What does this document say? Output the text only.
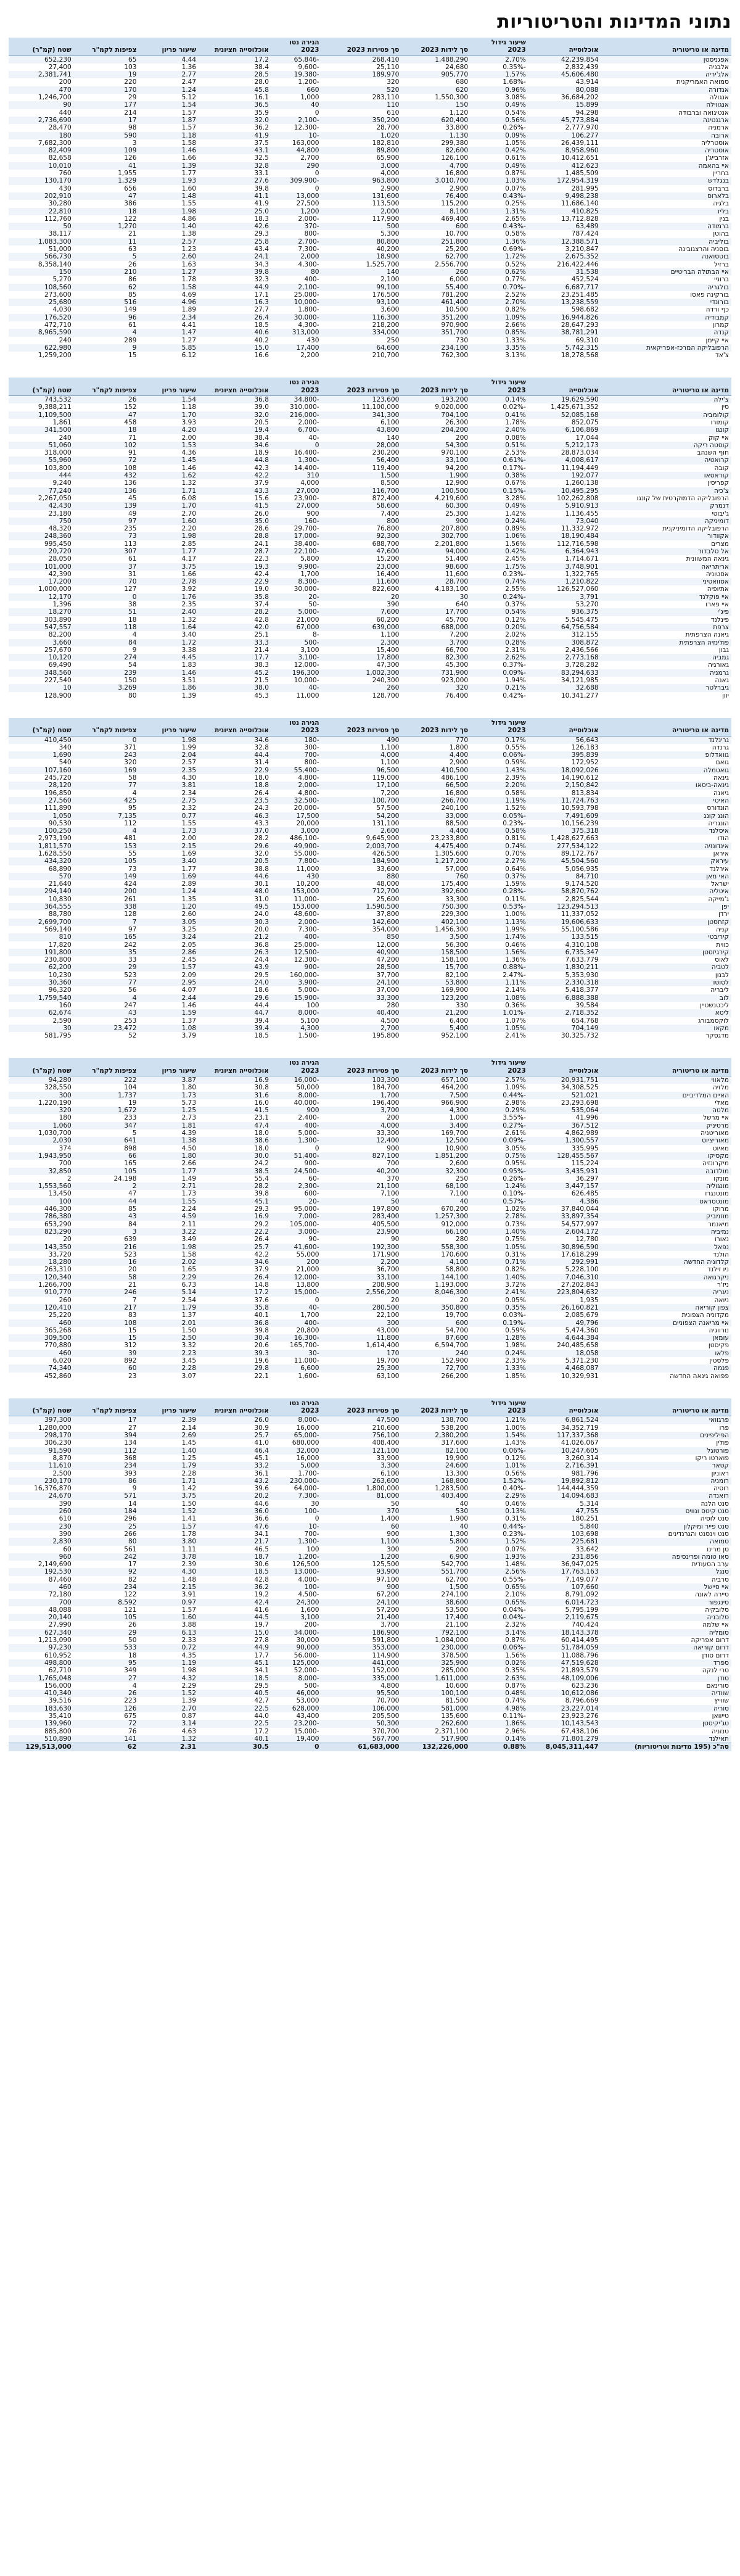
נתוני המדינות והטריטוריות
מדינה או טריטוריה	אוכלוסייה	שיעור גידול 2023	סך לידות 2023	סך פטירות 2023	הגירה נטו 2023	אוכלוסייה חציונית	שיעור פריון	צפיפות לקמ"ר	שטח (קמ"ר)
אפגניסטן	42,239,854	2.70%	1,488,290	268,410	-65,846	17.2	4.44	65	652,230
אלבניה	2,832,439	-0.35%	24,680	25,110	-9,600	38.4	1.36	103	27,400
אלג'יריה	45,606,480	1.57%	905,770	189,970	-19,380	28.5	2.77	19	2,381,741
סמואה האמריקנית	43,914	-1.68%	680	320	-1,200	28.0	2.47	220	200
אנדורה	80,088	0.96%	620	520	660	45.8	1.24	170	470
אנגולה	36,684,202	3.08%	1,550,300	283,110	1,000	16.1	5.12	29	1,246,700
אנגווילה	15,899	0.49%	150	110	40	36.5	1.54	177	90
אנטיגואה וברבודה	94,298	0.54%	1,120	610	0	35.9	1.57	214	440
ארגנטינה	45,773,884	0.56%	620,400	350,200	-2,100	32.0	1.87	17	2,736,690
ארמניה	2,777,970	-0.26%	33,800	28,700	-12,300	36.2	1.57	98	28,470
ארובה	106,277	0.09%	1,130	1,020	-10	41.9	1.18	590	180
אוסטרליה	26,439,111	1.05%	299,380	182,810	163,000	37.5	1.58	3	7,682,300
אוסטריה	8,958,960	0.42%	82,600	89,800	44,800	43.1	1.46	109	82,409
אזרבייג'ן	10,412,651	0.61%	126,100	65,900	2,700	32.5	1.66	126	82,658
איי בהאמה	412,623	0.49%	4,700	3,000	290	32.8	1.39	41	10,010
בחריין	1,485,509	0.87%	16,800	4,000	0	33.1	1.77	1,955	760
בנגלדש	172,954,319	1.03%	3,010,700	963,800	-309,900	27.6	1.93	1,329	130,170
ברבדוס	281,995	0.07%	2,900	2,900	0	39.8	1.60	656	430
בלארוס	9,498,238	-0.43%	76,400	131,600	13,000	41.1	1.48	47	202,910
בלגיה	11,686,140	0.25%	115,200	113,500	27,500	41.9	1.55	386	30,280
בליז	410,825	1.31%	8,100	2,000	1,200	25.0	1.98	18	22,810
בנין	13,712,828	2.65%	469,400	117,900	-2,000	18.3	4.86	122	112,760
ברמודה	63,489	-0.43%	600	500	-370	42.6	1.40	1,270	50
בהוטן	787,424	0.58%	10,700	5,300	-800	29.3	1.38	21	38,117
בוליביה	12,388,571	1.36%	251,800	80,800	-2,700	25.8	2.57	11	1,083,300
בוסניה והרצגובינה	3,210,847	-0.69%	25,200	40,200	-7,300	43.4	1.23	63	51,000
בוטסואנה	2,675,352	1.72%	62,700	18,900	2,000	24.1	2.60	5	566,730
ברזיל	216,422,446	0.52%	2,556,700	1,525,700	-4,300	34.3	1.63	26	8,358,140
איי הבתולה הבריטיים	31,538	0.62%	260	140	80	39.8	1.27	210	150
ברוניי	452,524	0.77%	6,000	2,100	-400	32.3	1.78	86	5,270
בולגריה	6,687,717	-0.70%	55,400	99,100	-2,100	44.9	1.58	62	108,560
בורקינה פאסו	23,251,485	2.52%	781,200	176,500	-25,000	17.1	4.69	85	273,600
בורונדי	13,238,559	2.70%	461,400	93,100	-10,000	16.3	4.96	516	25,680
כף ורדה	598,682	0.82%	10,500	3,600	-1,800	27.7	1.89	149	4,030
קמבודיה	16,944,826	1.09%	351,200	116,300	-30,000	26.4	2.34	96	176,520
קמרון	28,647,293	2.66%	970,900	218,200	-4,300	18.5	4.41	61	472,710
קנדה	38,781,291	0.85%	351,700	334,000	313,000	40.6	1.47	4	8,965,590
איי קיימן	69,310	1.33%	730	250	430	40.2	1.27	289	240
הרפובליקה המרכז-אפריקאית	5,742,315	3.35%	234,100	64,600	17,400	15.0	5.85	9	622,980
צ'אד	18,278,568	3.13%	762,300	210,700	2,200	16.6	6.12	15	1,259,200
מדינה או טריטוריה	אוכלוסייה	שיעור גידול 2023	סך לידות 2023	סך פטירות 2023	הגירה נטו 2023	אוכלוסייה חציונית	שיעור פריון	צפיפות לקמ"ר	שטח (קמ"ר)
צ'ילה	19,629,590	0.14%	193,200	123,600	-34,800	36.8	1.54	26	743,532
סין	1,425,671,352	-0.02%	9,020,000	11,100,000	-310,000	39.0	1.18	152	9,388,211
קולומביה	52,085,168	0.41%	704,100	341,300	-216,000	32.0	1.70	47	1,109,500
קומורו	852,075	1.78%	26,300	6,100	-2,000	20.5	3.93	458	1,861
קונגו	6,106,869	2.40%	204,200	43,800	-6,700	19.4	4.20	18	341,500
איי קוק	17,044	0.08%	200	140	-40	38.4	2.00	71	240
קוסטה ריקה	5,212,173	0.51%	54,300	28,000	0	34.6	1.53	102	51,060
חוף השנהב	28,873,034	2.53%	970,100	230,200	-16,400	18.9	4.36	91	318,000
קרואטיה	4,008,617	-0.61%	33,100	56,400	-1,300	44.8	1.45	72	55,960
קובה	11,194,449	-0.17%	94,200	119,400	-14,400	42.3	1.46	108	103,800
קוראסאו	192,077	0.38%	1,900	1,500	310	42.2	1.62	432	444
קפריסין	1,260,138	0.67%	12,900	8,500	4,000	37.9	1.32	136	9,240
צ'כיה	10,495,295	-0.15%	100,500	116,700	27,000	43.3	1.71	136	77,240
הרפובליקה הדמוקרטית של קונגו	102,262,808	3.28%	4,219,600	872,400	-23,900	15.6	6.08	45	2,267,050
דנמרק	5,910,913	0.49%	60,300	58,600	27,000	41.5	1.70	139	42,430
ג'יבוטי	1,136,455	1.42%	25,300	7,400	900	26.0	2.70	49	23,180
דומיניקה	73,040	0.24%	900	800	-160	35.0	1.60	97	750
הרפובליקה הדומיניקנית	11,332,972	0.89%	207,800	76,800	-29,700	28.6	2.20	235	48,320
אקוודור	18,190,484	1.06%	302,700	92,300	-17,000	28.8	1.98	73	248,360
מצרים	112,716,598	1.56%	2,201,800	688,700	-38,400	24.1	2.85	113	995,450
אל סלבדור	6,364,943	0.42%	94,000	47,600	-22,100	28.7	1.77	307	20,720
גינאה המשוונית	1,714,671	2.45%	51,400	15,200	5,800	22.3	4.17	61	28,050
אריתריאה	3,748,901	1.75%	98,600	23,000	-9,900	19.3	3.75	37	101,000
אסטוניה	1,322,765	-0.23%	11,600	16,400	1,700	42.4	1.66	31	42,390
אסוואטיני	1,210,822	0.74%	28,700	11,600	-8,300	22.9	2.78	70	17,200
אתיופיה	126,527,060	2.55%	4,183,100	822,600	-30,000	19.0	3.92	127	1,000,000
איי פוקלנד	3,791	-0.24%	30	20	-20	35.8	1.76	0	12,170
איי פארו	53,270	0.37%	640	390	-50	37.4	2.35	38	1,396
פיג'י	936,375	0.54%	17,700	7,600	-5,000	28.2	2.40	51	18,270
פינלנד	5,545,475	0.12%	45,700	60,200	21,000	42.8	1.32	18	303,890
צרפת	64,756,584	0.20%	688,000	639,000	67,000	42.0	1.64	118	547,557
גיאנה הצרפתית	312,155	2.02%	7,200	1,100	-8	25.1	3.40	4	82,200
פולינזיה הצרפתית	308,872	0.28%	3,700	2,300	-500	33.3	1.72	84	3,660
גבון	2,436,566	2.31%	66,700	15,400	3,100	21.4	3.38	9	257,670
גמביה	2,773,168	2.62%	82,300	17,800	-3,100	17.7	4.45	274	10,120
גאורגיה	3,728,282	-0.37%	45,300	47,300	-12,000	38.3	1.83	54	69,490
גרמניה	83,294,633	-0.09%	731,900	1,002,300	196,300	45.2	1.46	239	348,560
גאנה	34,121,985	1.94%	923,000	240,300	-10,000	21.5	3.51	150	227,540
גיברלטר	32,688	0.21%	320	260	-40	38.0	1.86	3,269	10
יוון	10,341,277	-0.42%	76,400	128,700	11,000	45.3	1.39	80	128,900
מדינה או טריטוריה	אוכלוסייה	שיעור גידול 2023	סך לידות 2023	סך פטירות 2023	הגירה נטו 2023	אוכלוסייה חציונית	שיעור פריון	צפיפות לקמ"ר	שטח (קמ"ר)
גרינלנד	56,643	0.17%	770	490	-180	34.6	1.98	0	410,450
גרנדה	126,183	0.55%	1,800	1,100	-300	32.8	1.99	371	340
גוואדלופ	395,839	-0.06%	4,400	4,000	-700	44.4	2.04	243	1,690
גואם	172,952	0.59%	2,900	1,100	-800	31.4	2.57	320	540
גואטמלה	18,092,026	1.43%	410,500	96,500	-55,400	22.9	2.35	169	107,160
גינאה	14,190,612	2.39%	486,100	119,000	-4,800	18.0	4.30	58	245,720
גינאה-ביסאו	2,150,842	2.20%	66,500	17,100	-2,000	18.8	3.81	77	28,120
גיאנה	813,834	0.58%	16,800	7,200	-4,800	26.4	2.34	4	196,850
האיטי	11,724,763	1.19%	266,700	100,700	-32,500	23.5	2.75	425	27,560
הונדורס	10,593,798	1.52%	240,100	57,500	-20,000	24.3	2.32	95	111,890
הונג קונג	7,491,609	-0.05%	33,000	54,200	17,500	46.3	0.77	7,135	1,050
הונגריה	10,156,239	-0.23%	88,500	131,100	20,000	43.3	1.55	112	90,530
איסלנד	375,318	0.58%	4,400	2,600	3,000	37.0	1.73	4	100,250
הודו	1,428,627,663	0.81%	23,233,800	9,645,900	-486,100	28.2	2.00	481	2,973,190
אינדונזיה	277,534,122	0.74%	4,475,400	2,003,700	-49,900	29.6	2.15	153	1,811,570
איראן	89,172,767	0.70%	1,305,600	426,500	-55,000	32.0	1.69	55	1,628,550
עיראק	45,504,560	2.27%	1,217,200	184,900	-7,800	20.5	3.40	105	434,320
אירלנד	5,056,935	0.64%	57,000	33,600	11,000	38.8	1.77	73	68,890
האי מאן	84,710	0.37%	760	880	430	44.6	1.69	149	570
ישראל	9,174,520	1.59%	175,400	48,000	10,200	30.1	2.89	424	21,640
איטליה	58,870,762	-0.28%	392,600	712,700	153,000	48.0	1.24	200	294,140
ג'מייקה	2,825,544	0.11%	33,300	25,600	-11,000	31.0	1.35	261	10,830
יפן	123,294,513	-0.53%	750,300	1,590,500	153,000	49.5	1.20	338	364,555
ירדן	11,337,052	1.00%	229,300	37,800	-48,600	24.0	2.60	128	88,780
קזחסטן	19,606,633	1.13%	402,100	142,600	-2,000	30.3	3.05	7	2,699,700
קניה	55,100,586	1.99%	1,456,300	354,000	-7,300	20.0	3.25	97	569,140
קיריבטי	133,515	1.74%	3,500	850	-400	21.2	3.24	165	810
כווית	4,310,108	0.46%	56,300	12,000	-25,000	36.8	2.05	242	17,820
קירגיזסטן	6,735,347	1.56%	158,500	40,900	-12,500	26.3	2.86	35	191,800
לאוס	7,633,779	1.36%	158,100	47,200	-12,300	24.4	2.45	33	230,800
לטביה	1,830,211	-0.88%	15,700	28,500	-900	43.9	1.57	29	62,200
לבנון	5,353,930	-2.47%	82,100	37,700	-160,000	29.5	2.09	523	10,230
לסוטו	2,330,318	1.11%	53,800	24,100	-3,900	24.0	2.95	77	30,360
ליבריה	5,418,377	2.14%	169,900	37,000	-5,000	18.6	4.07	56	96,320
לוב	6,888,388	1.08%	123,200	33,300	-15,900	29.6	2.44	4	1,759,540
ליכטנשטיין	39,584	0.36%	330	280	100	44.4	1.46	247	160
ליטא	2,718,352	-1.01%	21,200	40,400	-8,000	44.7	1.59	43	62,674
לוקסמבורג	654,768	1.07%	6,400	4,500	5,100	39.4	1.37	253	2,590
מקאו	704,149	1.05%	5,400	2,700	4,300	39.4	1.08	23,472	30
מדגסקר	30,325,732	2.41%	952,100	195,800	-1,500	18.5	3.79	52	581,795
מדינה או טריטוריה	אוכלוסייה	שיעור גידול 2023	סך לידות 2023	סך פטירות 2023	הגירה נטו 2023	אוכלוסייה חציונית	שיעור פריון	צפיפות לקמ"ר	שטח (קמ"ר)
מלאווי	20,931,751	2.57%	657,100	103,300	-16,000	16.9	3.87	222	94,280
מלזיה	34,308,525	1.09%	464,200	184,700	50,000	30.8	1.80	104	328,550
האיים המלדיביים	521,021	-0.44%	7,500	1,700	-8,000	31.6	1.73	1,737	300
מאלי	23,293,698	2.98%	966,900	196,400	-40,000	16.0	5.73	19	1,220,190
מלטה	535,064	0.29%	4,300	3,700	900	41.5	1.25	1,672	320
איי מרשל	41,996	-3.55%	1,000	200	-2,400	23.1	2.73	233	180
מרטיניק	367,512	-0.27%	3,400	4,000	-400	47.4	1.81	347	1,060
מאוריטניה	4,862,989	2.61%	169,700	33,300	-5,000	18.0	4.39	5	1,030,700
מאוריציוס	1,300,557	-0.09%	12,500	12,400	-1,300	38.6	1.38	641	2,030
מאיוט	335,995	3.05%	10,900	900	0	18.0	4.50	898	374
מקסיקו	128,455,567	0.75%	1,851,200	827,100	-51,400	30.0	1.80	66	1,943,950
מיקרונזיה	115,224	0.95%	2,600	700	-900	24.2	2.66	165	700
מולדובה	3,435,931	-0.95%	32,300	40,200	-24,500	38.5	1.77	105	32,850
מונקו	36,297	-0.26%	250	370	-60	55.4	1.49	24,198	2
מונגוליה	3,447,157	1.24%	68,100	21,100	-2,300	28.2	2.71	2	1,553,560
מונטנגרו	626,485	-0.10%	7,100	7,100	-600	39.8	1.73	47	13,450
מונטסראט	4,386	-0.57%	40	50	-20	45.1	1.55	44	100
מרוקו	37,840,044	1.02%	670,200	197,800	-95,000	29.3	2.24	85	446,300
מוזמביק	33,897,354	2.78%	1,257,300	283,400	-7,000	16.9	4.59	43	786,380
מיאנמר	54,577,997	0.73%	912,000	405,500	-105,000	29.2	2.11	84	653,290
נמיביה	2,604,172	1.40%	66,100	23,900	-3,000	22.2	3.22	3	823,290
נאורו	12,780	0.75%	280	90	-90	26.4	3.49	639	20
נפאל	30,896,590	1.05%	558,300	192,300	-41,600	25.7	1.98	216	143,350
הולנד	17,618,299	0.31%	170,600	171,900	55,000	42.2	1.58	523	33,720
קלדוניה החדשה	292,991	0.71%	4,100	2,200	200	34.6	2.02	16	18,280
ניו זילנד	5,228,100	0.82%	58,800	36,700	21,000	37.9	1.65	20	263,310
ניקרגואה	7,046,310	1.40%	144,100	33,100	-12,000	26.4	2.29	58	120,340
ניז'ר	27,202,843	3.72%	1,193,000	208,900	13,800	14.8	6.73	21	1,266,700
ניגריה	223,804,632	2.41%	8,046,300	2,556,200	-15,000	17.2	5.14	246	910,770
ניואה	1,935	0.05%	20	20	0	37.6	2.54	7	260
צפון קוריאה	26,160,821	0.35%	350,800	280,500	-40	35.8	1.79	217	120,410
מקדוניה הצפונית	2,085,679	-0.03%	19,700	22,100	1,700	40.1	1.37	83	25,220
איי מריאנה הצפוניים	49,796	-0.19%	600	300	-400	36.8	2.01	108	460
נורווגיה	5,474,360	0.59%	54,700	43,000	20,800	39.8	1.50	15	365,268
עומאן	4,644,384	1.28%	87,600	11,800	-16,300	30.4	2.50	15	309,500
פקיסטן	240,485,658	1.98%	6,594,700	1,614,400	-165,700	20.6	3.32	312	770,880
פלאו	18,058	0.24%	240	170	-30	39.3	2.23	39	460
פלסטין	5,371,230	2.33%	152,900	19,700	-11,000	19.6	3.45	892	6,020
פנמה	4,468,087	1.33%	72,700	25,300	6,600	29.8	2.28	60	74,340
פפואה גינאה החדשה	10,329,931	1.85%	266,200	63,100	-1,600	22.1	3.07	23	452,860
מדינה או טריטוריה	אוכלוסייה	שיעור גידול 2023	סך לידות 2023	סך פטירות 2023	הגירה נטו 2023	אוכלוסייה חציונית	שיעור פריון	צפיפות לקמ"ר	שטח (קמ"ר)
פרגוואי	6,861,524	1.21%	138,700	47,500	-8,000	26.0	2.39	17	397,300
פרו	34,352,719	1.00%	538,200	210,600	16,000	30.9	2.14	27	1,280,000
הפיליפינים	117,337,368	1.54%	2,380,200	756,100	-65,000	25.7	2.69	394	298,170
פולין	41,026,067	1.43%	317,600	408,400	680,000	41.0	1.45	134	306,230
פורטוגל	10,247,605	-0.06%	82,100	121,100	32,000	46.4	1.40	112	91,590
פוארטו ריקו	3,260,314	0.12%	19,900	33,900	16,000	45.1	1.25	368	8,870
קטאר	2,716,391	1.01%	24,600	3,300	5,000	33.2	1.79	234	11,610
ראוניון	981,796	0.56%	13,300	6,100	-1,700	36.1	2.28	393	2,500
רומניה	19,892,812	-1.52%	168,800	263,600	-230,000	43.2	1.71	86	230,170
רוסיה	144,444,359	-0.40%	1,283,500	1,800,000	-64,000	39.6	1.42	9	16,376,870
רואנדה	14,094,683	2.29%	403,400	81,000	-7,300	20.2	3.75	571	24,670
סנט הלנה	5,314	0.46%	40	50	30	44.6	1.50	14	390
סנט קיטס ונוויס	47,755	0.13%	530	370	-100	36.0	1.52	184	260
סנט לוסיה	180,251	0.31%	1,900	1,400	0	36.6	1.41	296	610
סנט פייר ומיקלון	5,840	-0.44%	40	60	-10	47.6	1.57	25	230
סנט וינסנט והגרנדינים	103,698	-0.23%	1,300	900	-700	34.1	1.78	266	390
סמואה	225,681	1.52%	5,800	1,100	-1,300	21.7	3.80	80	2,830
סן מרינו	33,642	0.07%	200	300	100	46.5	1.11	561	60
סאו טומה ופרינסיפה	231,856	1.93%	6,900	1,200	-1,200	18.7	3.78	242	960
ערב הסעודית	36,947,025	1.48%	542,700	125,500	126,500	30.6	2.39	17	2,149,690
סנגל	17,763,163	2.56%	551,700	93,900	-13,000	18.5	4.30	92	192,530
סרביה	7,149,077	-0.55%	62,700	97,100	-4,000	42.8	1.48	82	87,460
איי סיישל	107,660	0.65%	1,500	900	-100	36.2	2.15	234	460
סיירה לאונה	8,791,092	2.10%	274,100	67,200	-4,500	19.2	3.91	122	72,180
סינגפור	6,014,723	0.65%	38,600	24,100	24,300	42.4	0.97	8,592	700
סלובקיה	5,795,199	-0.04%	53,500	57,200	1,600	41.6	1.57	121	48,088
סלובניה	2,119,675	-0.04%	17,400	21,400	3,100	44.5	1.60	105	20,140
איי שלמה	740,424	2.32%	21,100	3,700	-200	19.7	3.88	26	27,990
סומליה	18,143,378	3.14%	792,100	186,900	-34,000	15.0	6.13	29	627,340
דרום אפריקה	60,414,495	0.87%	1,084,000	591,800	30,000	27.8	2.33	50	1,213,090
דרום קוריאה	51,784,059	-0.06%	230,000	353,000	90,000	44.9	0.72	533	97,230
דרום סודן	11,088,796	1.56%	378,500	114,900	-56,000	17.7	4.35	18	610,952
ספרד	47,519,628	0.02%	325,900	441,000	125,000	45.1	1.19	95	498,800
סרי לנקה	21,893,579	0.35%	285,000	152,000	-52,000	34.1	1.98	349	62,710
סודן	48,109,006	2.63%	1,611,000	335,000	-8,000	18.5	4.32	27	1,765,048
סורינאם	623,236	0.87%	10,600	4,800	-500	29.5	2.29	4	156,000
שוודיה	10,612,086	0.48%	100,100	95,500	46,000	40.5	1.52	26	410,340
שווייץ	8,796,669	0.74%	81,500	70,700	53,000	42.7	1.39	223	39,516
סוריה	23,227,014	4.98%	581,000	106,000	628,000	22.5	2.70	126	183,630
טייוואן	23,923,276	-0.11%	135,600	205,500	43,400	44.0	0.87	675	35,410
טג'יקיסטן	10,143,543	1.86%	262,600	50,300	-23,200	22.5	3.14	72	139,960
טנזניה	67,438,106	2.96%	2,371,100	370,700	-15,000	17.2	4.63	76	885,800
תאילנד	71,801,279	0.14%	517,900	567,700	19,400	40.1	1.32	141	510,890
סה"כ (195 מדינות וטריטוריות)	8,045,311,447	0.88%	132,226,000	61,683,000	0	30.5	2.31	62	129,513,000
